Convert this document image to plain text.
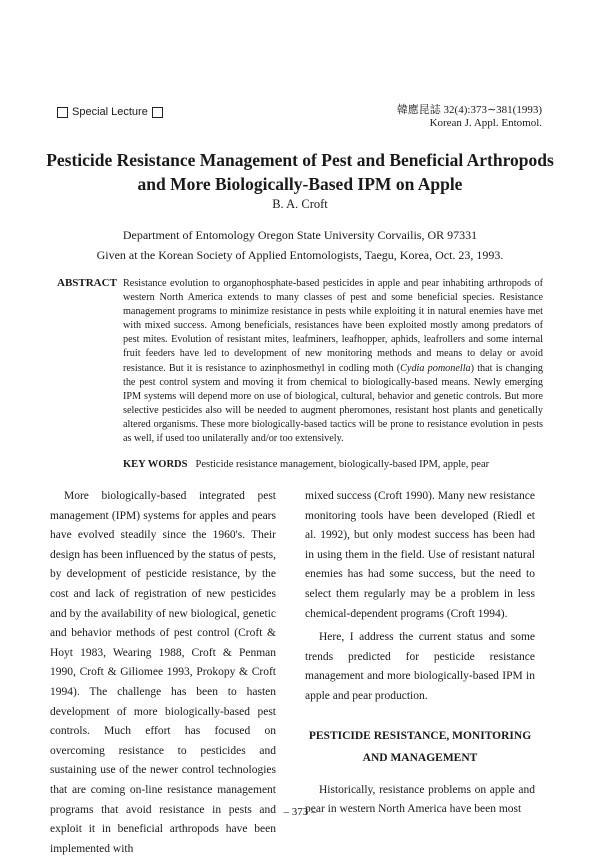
Special Lecture	韓應昆誌 32(4):373∼381(1993)
Korean J. Appl. Entomol.
Pesticide Resistance Management of Pest and Beneficial Arthropods
and More Biologically-Based IPM on Apple
B. A. Croft
Department of Entomology Oregon State University Corvailis, OR 97331
Given at the Korean Society of Applied Entomologists, Taegu, Korea, Oct. 23, 1993.
ABSTRACT Resistance evolution to organophosphate-based pesticides in apple and pear inhabiting arthropods of western North America extends to many classes of pest and some beneficial species. Resistance management programs to minimize resistance in pests while exploiting it in natural enemies have met with mixed success. Among beneficials, resistances have been exploited mostly among predators of pest mites. Evolution of resistant mites, leafminers, leafhopper, aphids, leafrollers and some internal fruit feeders have led to development of new monitoring methods and means to delay or avoid resistance. But it is resistance to azinphosmethyl in codling moth (Cydia pomonella) that is changing the pest control system and moving it from chemical to biologically-based means. Newly emerging IPM systems will depend more on use of biological, cultural, behavior and genetic controls. But more selective pesticides also will be needed to augment pheromones, resistant host plants and genetically altered organisms. These more biologically-based tactics will be prone to resistance evolution in pests as well, if used too unilaterally and/or too extensively.
KEY WORDS Pesticide resistance management, biologically-based IPM, apple, pear

More biologically-based integrated pest management (IPM) systems for apples and pears have evolved steadily since the 1960's. Their design has been influenced by the status of pests, by development of pesticide resistance, by the cost and lack of registration of new pesticides and by the availability of new biological, genetic and behavior methods of pest control (Croft & Hoyt 1983, Wearing 1988, Croft & Penman 1990, Croft & Giliomee 1993, Prokopy & Croft 1994). The challenge has been to hasten development of more biologically-based pest controls. Much effort has focused on overcoming resistance to pesticides and sustaining use of the newer control technologies that are coming on-line resistance management programs that avoid resistance in pests and exploit it in beneficial arthropods have been implemented with

mixed success (Croft 1990). Many new resistance monitoring tools have been developed (Riedl et al. 1992), but only modest success has been had in using them in the field. Use of resistant natural enemies has had some success, but the need to select them regularly may be a problem in less chemical-dependent programs (Croft 1994).

Here, I address the current status and some trends predicted for pesticide resistance management and more biologically-based IPM in apple and pear production.

PESTICIDE RESISTANCE, MONITORING
AND MANAGEMENT

Historically, resistance problems on apple and pear in western North America have been most

– 373 –
